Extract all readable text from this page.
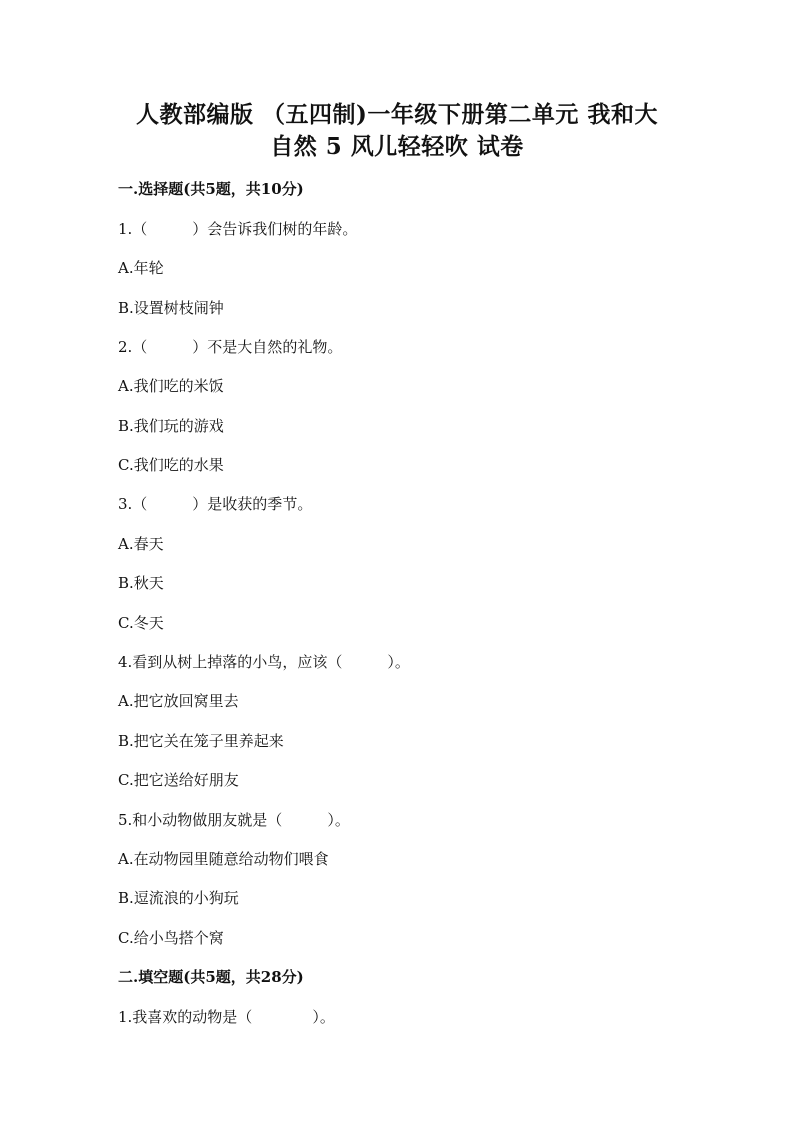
人教部编版 （五四制)一年级下册第二单元 我和大
自然 5 风儿轻轻吹 试卷
一.选择题(共5题，共10分)
1.（　　　）会告诉我们树的年龄。
A.年轮
B.设置树枝闹钟
2.（　　　）不是大自然的礼物。
A.我们吃的米饭
B.我们玩的游戏
C.我们吃的水果
3.（　　　）是收获的季节。
A.春天
B.秋天
C.冬天
4.看到从树上掉落的小鸟，应该（　　　）。
A.把它放回窝里去
B.把它关在笼子里养起来
C.把它送给好朋友
5.和小动物做朋友就是（　　　）。
A.在动物园里随意给动物们喂食
B.逗流浪的小狗玩
C.给小鸟搭个窝
二.填空题(共5题，共28分)
1.我喜欢的动物是（　　　　）。
